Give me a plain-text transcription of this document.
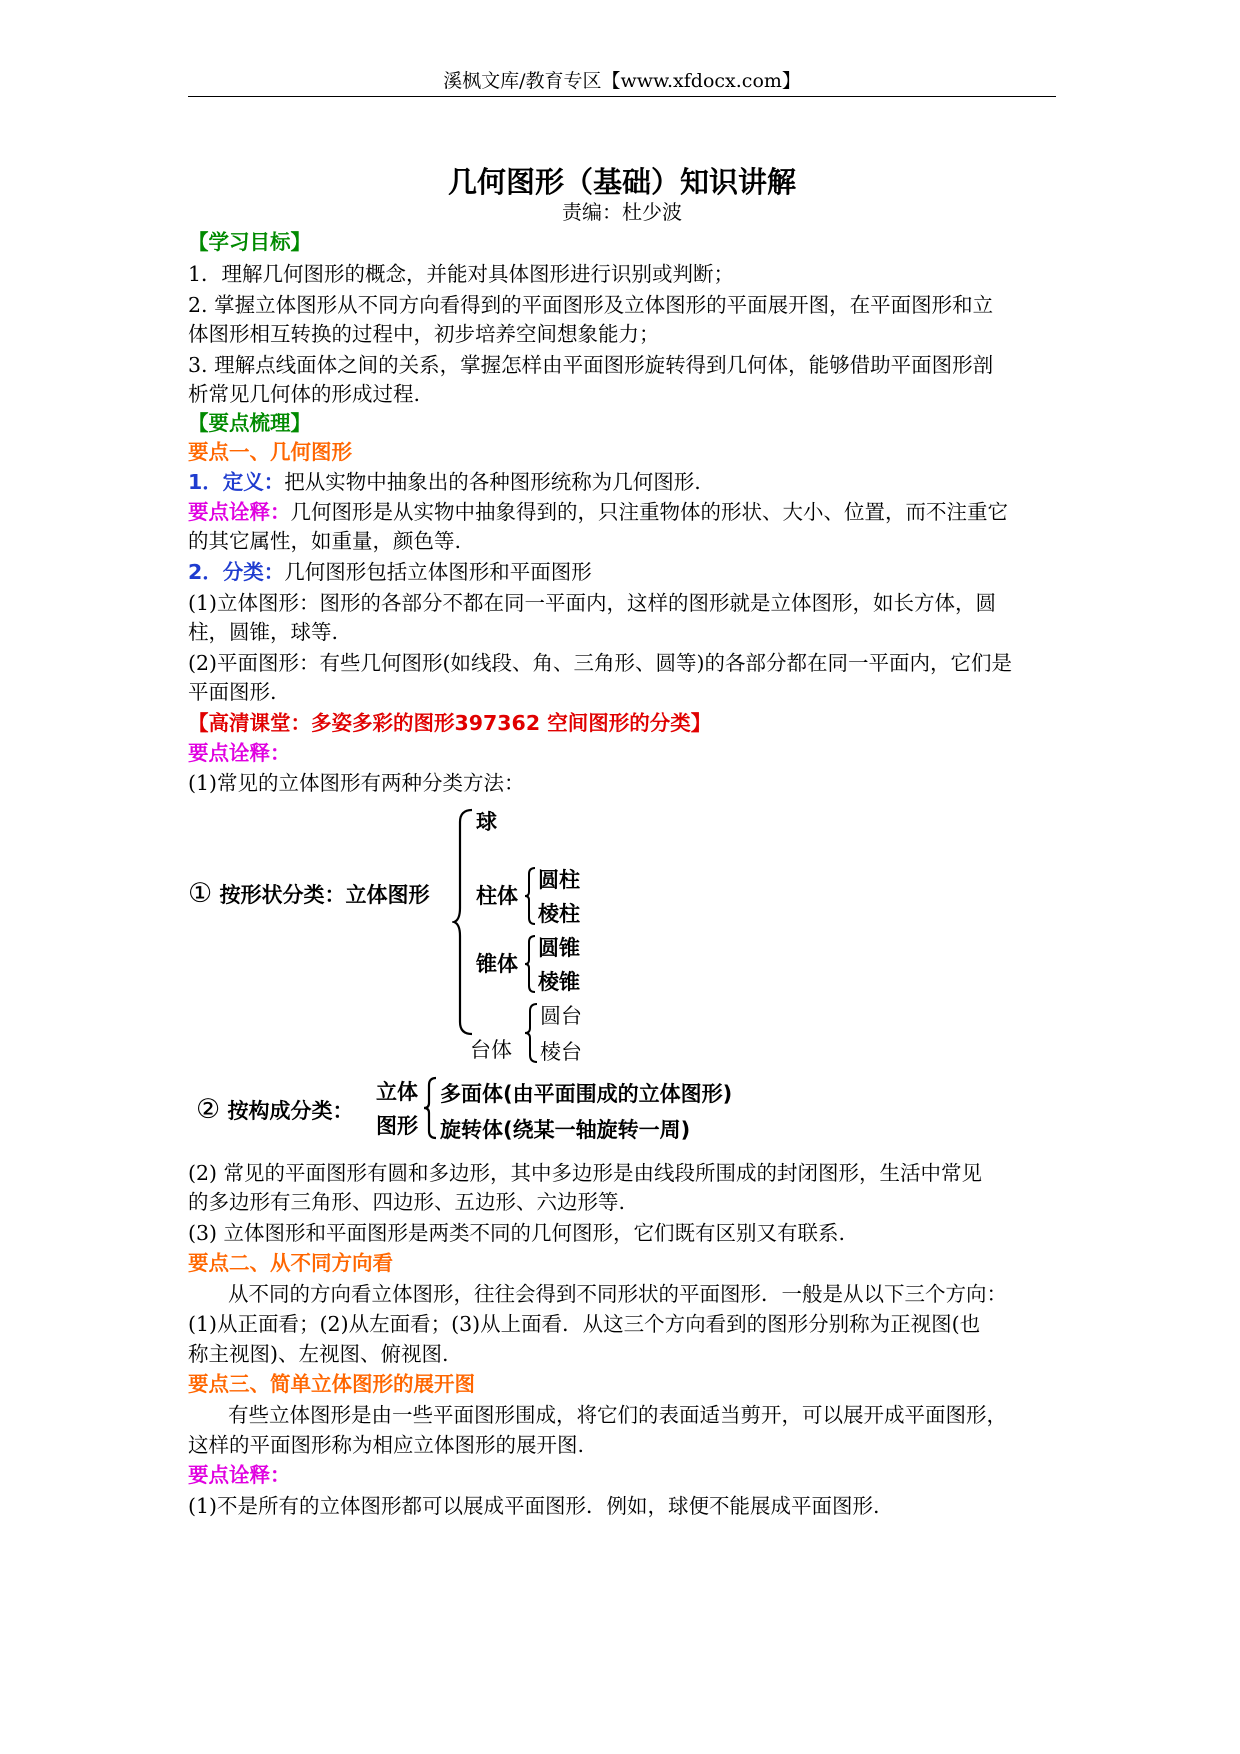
溪枫文库/教育专区【www.xfdocx.com】
几何图形（基础）知识讲解
责编：杜少波
【学习目标】
1．理解几何图形的概念，并能对具体图形进行识别或判断；
2. 掌握立体图形从不同方向看得到的平面图形及立体图形的平面展开图，在平面图形和立
体图形相互转换的过程中，初步培养空间想象能力；
3. 理解点线面体之间的关系，掌握怎样由平面图形旋转得到几何体，能够借助平面图形剖
析常见几何体的形成过程.
【要点梳理】
要点一、几何图形
1．定义：把从实物中抽象出的各种图形统称为几何图形.
要点诠释：几何图形是从实物中抽象得到的，只注重物体的形状、大小、位置，而不注重它
的其它属性，如重量，颜色等.
2．分类：几何图形包括立体图形和平面图形
(1)立体图形：图形的各部分不都在同一平面内，这样的图形就是立体图形，如长方体，圆
柱，圆锥，球等.
(2)平面图形：有些几何图形(如线段、角、三角形、圆等)的各部分都在同一平面内，它们是
平面图形.
【高清课堂：多姿多彩的图形397362 空间图形的分类】
要点诠释：
(1)常见的立体图形有两种分类方法：
① 按形状分类：立体图形
球
柱体
圆柱
棱柱
锥体
圆锥
棱锥
台体
圆台
棱台
② 按构成分类：
立体
图形
多面体(由平面围成的立体图形)
旋转体(绕某一轴旋转一周)
(2) 常见的平面图形有圆和多边形，其中多边形是由线段所围成的封闭图形，生活中常见
的多边形有三角形、四边形、五边形、六边形等.
(3) 立体图形和平面图形是两类不同的几何图形，它们既有区别又有联系.
要点二、从不同方向看
从不同的方向看立体图形，往往会得到不同形状的平面图形．一般是从以下三个方向：
(1)从正面看；(2)从左面看；(3)从上面看．从这三个方向看到的图形分别称为正视图(也
称主视图)、左视图、俯视图.
要点三、简单立体图形的展开图
有些立体图形是由一些平面图形围成，将它们的表面适当剪开，可以展开成平面图形，
这样的平面图形称为相应立体图形的展开图.
要点诠释：
(1)不是所有的立体图形都可以展成平面图形．例如，球便不能展成平面图形.
